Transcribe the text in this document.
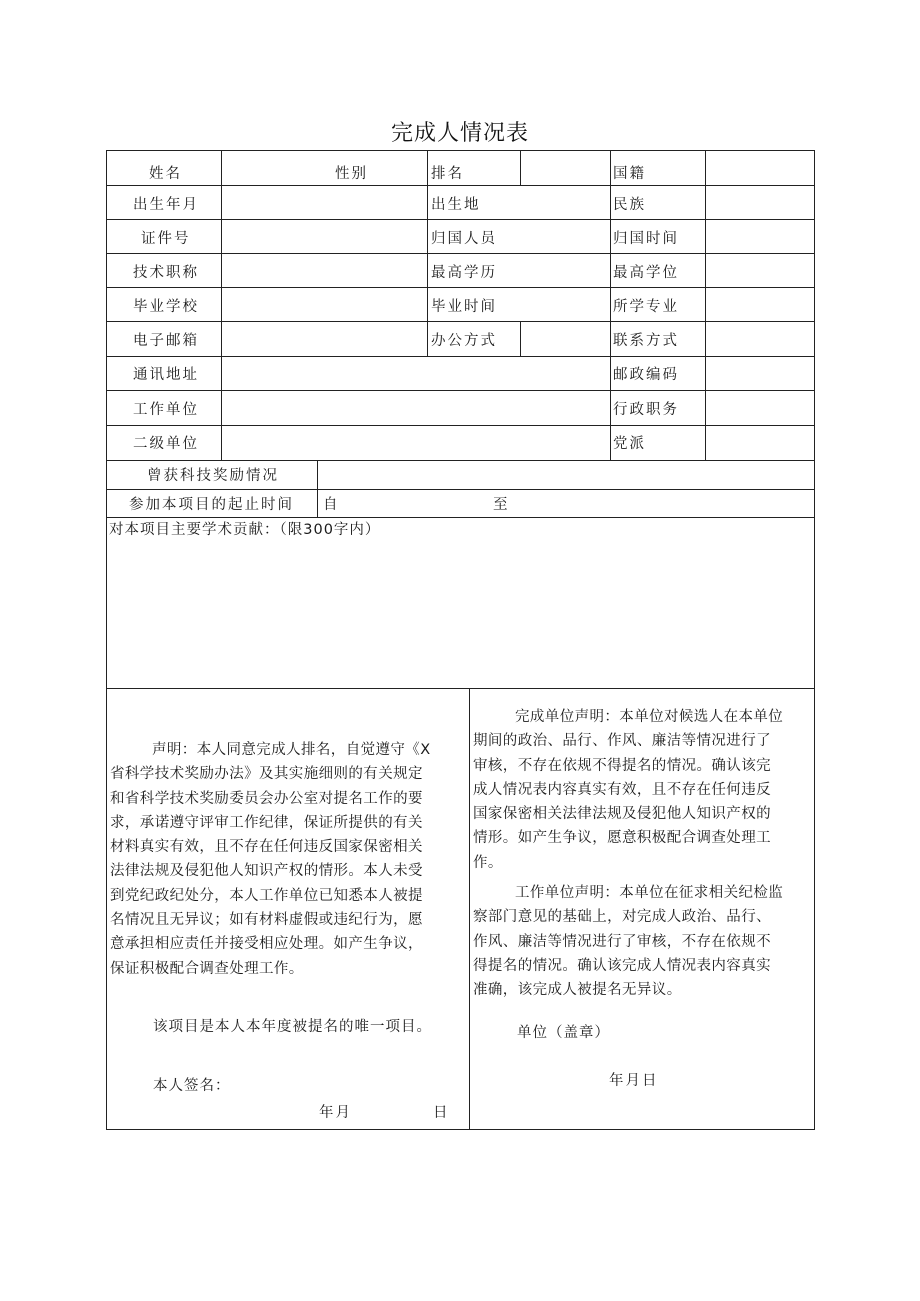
完成人情况表
姓名	性别	排名	国籍
出生年月	出生地	民族
证件号	归国人员	归国时间
技术职称	最高学历	最高学位
毕业学校	毕业时间	所学专业
电子邮箱	办公方式	联系方式
通讯地址	邮政编码
工作单位	行政职务
二级单位	党派
曾获科技奖励情况
参加本项目的起止时间 自	至
对本项目主要学术贡献：（限300字内）
声明：本人同意完成人排名，自觉遵守《X
省科学技术奖励办法》及其实施细则的有关规定
和省科学技术奖励委员会办公室对提名工作的要
求，承诺遵守评审工作纪律，保证所提供的有关
材料真实有效，且不存在任何违反国家保密相关
法律法规及侵犯他人知识产权的情形。本人未受
到党纪政纪处分，本人工作单位已知悉本人被提
名情况且无异议；如有材料虚假或违纪行为，愿
意承担相应责任并接受相应处理。如产生争议，
保证积极配合调查处理工作。
该项目是本人本年度被提名的唯一项目。
本人签名：
年月	日
完成单位声明：本单位对候选人在本单位
期间的政治、品行、作风、廉洁等情况进行了
审核，不存在依规不得提名的情况。确认该完
成人情况表内容真实有效，且不存在任何违反
国家保密相关法律法规及侵犯他人知识产权的
情形。如产生争议，愿意积极配合调查处理工
作。
工作单位声明：本单位在征求相关纪检监
察部门意见的基础上，对完成人政治、品行、
作风、廉洁等情况进行了审核，不存在依规不
得提名的情况。确认该完成人情况表内容真实
准确，该完成人被提名无异议。
单位（盖章）
年月日
